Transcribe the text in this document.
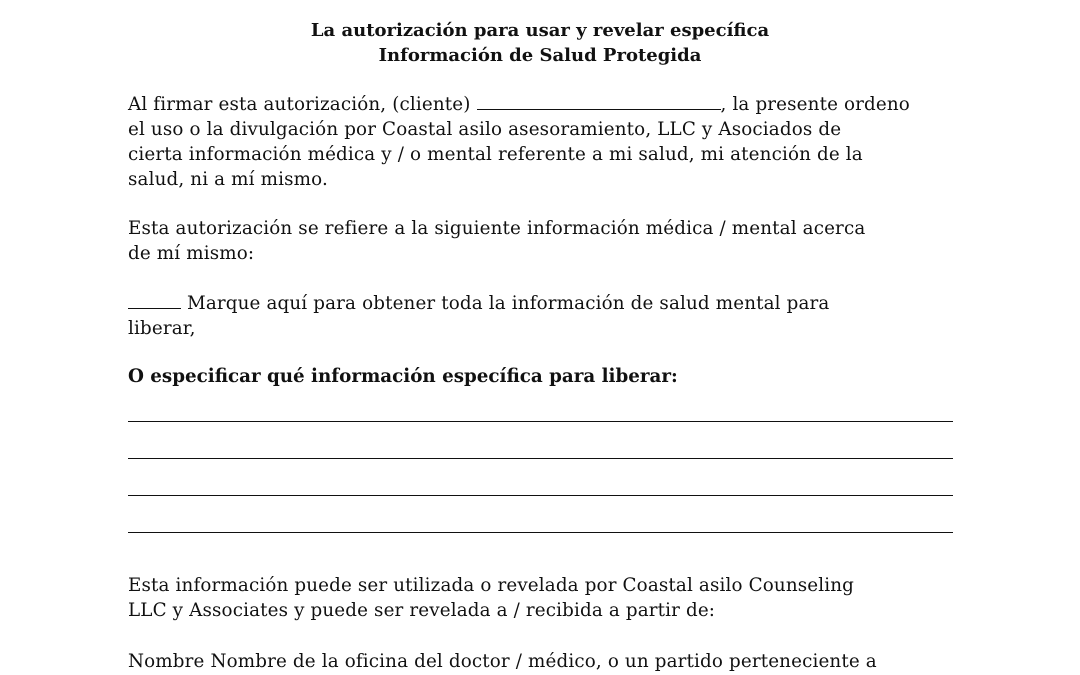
La autorización para usar y revelar específica
Información de Salud Protegida
Al firmar esta autorización, (cliente)	, la presente ordeno
el uso o la divulgación por Coastal asilo asesoramiento, LLC y Asociados de
cierta información médica y / o mental referente a mi salud, mi atención de la
salud, ni a mí mismo.
Esta autorización se refiere a la siguiente información médica / mental acerca
de mí mismo:
Marque aquí para obtener toda la información de salud mental para
liberar,
O especificar qué información específica para liberar:
Esta información puede ser utilizada o revelada por Coastal asilo Counseling
LLC y Associates y puede ser revelada a / recibida a partir de:
Nombre Nombre de la oficina del doctor / médico, o un partido perteneciente a
